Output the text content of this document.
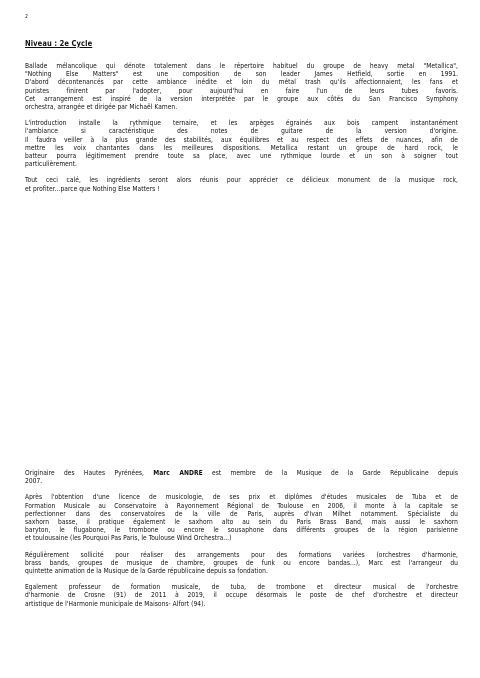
2
Niveau : 2e Cycle

Ballade mélancolique qui dénote totalement dans le répertoire habituel du groupe de heavy metal "Metallica",
"Nothing Else Matters" est une composition de son leader James Hetfield, sortie en 1991.
D'abord décontenancés par cette ambiance inédite et loin du métal trash qu'ils affectionnaient, les fans et
puristes finirent par l'adopter, pour aujourd'hui en faire l'un de leurs tubes favoris.
Cet arrangement est inspiré de la version interprétée par le groupe aux côtés du San Francisco Symphony
orchestra, arrangée et dirigée par Michaël Kamen.

L'introduction installe la rythmique ternaire, et les arpèges égrainés aux bois campent instantanément
l'ambiance si caractéristique des notes de guitare de la version d'origine.
Il faudra veiller à la plus grande des stabilités, aux équilibres et au respect des effets de nuances, afin de
mettre les voix chantantes dans les meilleures dispositions. Metallica restant un groupe de hard rock, le
batteur pourra légitimement prendre toute sa place, avec une rythmique lourde et un son à soigner tout
particulièrement.

Tout ceci calé, les ingrédients seront alors réunis pour apprécier ce délicieux monument de la musique rock,
et profiter...parce que Nothing Else Matters !

Originaire des Hautes Pyrénées, Marc ANDRE est membre de la Musique de la Garde Républicaine depuis
2007.

Après l'obtention d'une licence de musicologie, de ses prix et diplômes d'études musicales de Tuba et de
Formation Musicale au Conservatoire à Rayonnement Régional de Toulouse en 2006, il monte à la capitale se
perfectionner dans des conservatoires de la ville de Paris, auprès d'Ivan Milhet notamment. Spécialiste du
saxhorn basse, il pratique également le saxhorn alto au sein du Paris Brass Band, mais aussi le saxhorn
baryton, le flugabone, le trombone ou encore le sousaphone dans différents groupes de la région parisienne
et toulousaine (les Pourquoi Pas Paris, le Toulouse Wind Orchestra...)

Régulièrement sollicité pour réaliser des arrangements pour des formations variées (orchestres d'harmonie,
brass bands, groupes de musique de chambre, groupes de funk ou encore bandas...), Marc est l'arrangeur du
quintette animation de la Musique de la Garde républicaine depuis sa fondation.

Egalement professeur de formation musicale, de tuba, de trombone et directeur musical de l'orchestre
d'harmonie de Crosne (91) de 2011 à 2019, il occupe désormais le poste de chef d'orchestre et directeur
artistique de l'Harmonie municipale de Maisons- Alfort (94).
